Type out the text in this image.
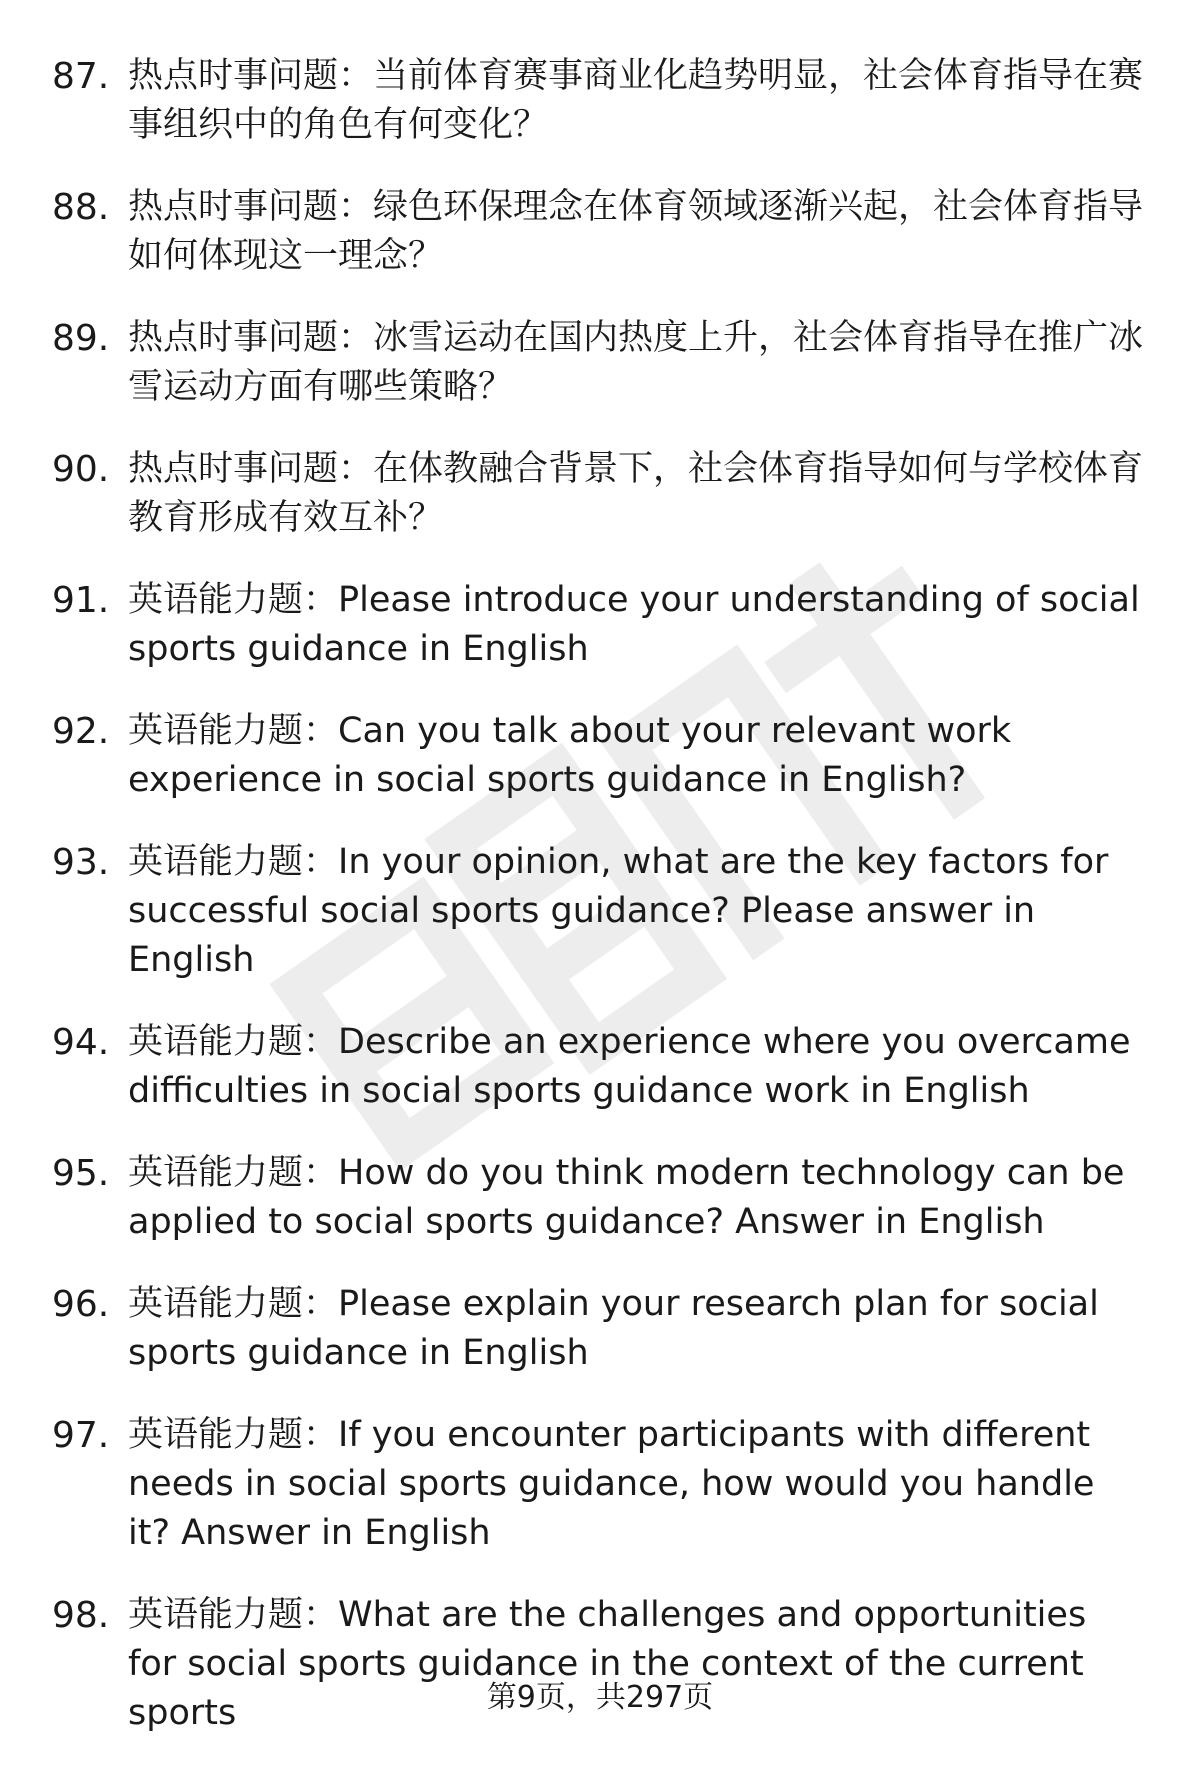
87. 热点时事问题：当前体育赛事商业化趋势明显，社会体育指导在赛事组织中的角色有何变化？
88. 热点时事问题：绿色环保理念在体育领域逐渐兴起，社会体育指导如何体现这一理念？
89. 热点时事问题：冰雪运动在国内热度上升，社会体育指导在推广冰雪运动方面有哪些策略？
90. 热点时事问题：在体教融合背景下，社会体育指导如何与学校体育教育形成有效互补？
91. 英语能力题：Please introduce your understanding of social sports guidance in English
92. 英语能力题：Can you talk about your relevant work experience in social sports guidance in English?
93. 英语能力题：In your opinion, what are the key factors for successful social sports guidance? Please answer in English
94. 英语能力题：Describe an experience where you overcame difficulties in social sports guidance work in English
95. 英语能力题：How do you think modern technology can be applied to social sports guidance? Answer in English
96. 英语能力题：Please explain your research plan for social sports guidance in English
97. 英语能力题：If you encounter participants with different needs in social sports guidance, how would you handle it? Answer in English
98. 英语能力题：What are the challenges and opportunities for social sports guidance in the context of the current sports	第9页，共297页
